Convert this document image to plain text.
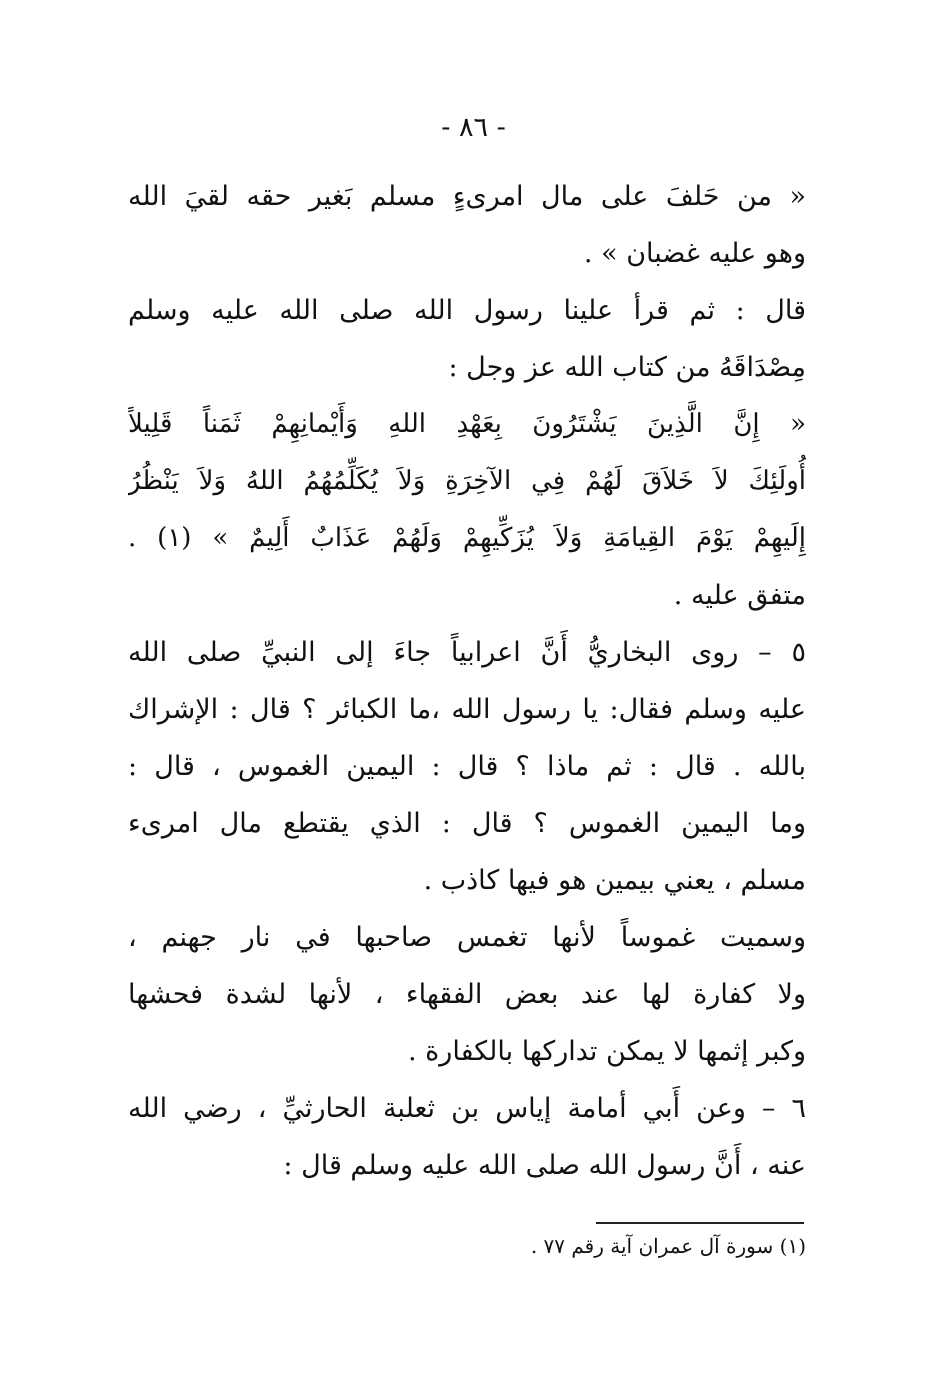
- ٨٦ -
« من حَلفَ على مال امرىءٍ مسلم بَغير حقه لقيَ الله
وهو عليه غضبان » .
قال : ثم قرأ علينا رسول الله صلى الله عليه وسلم
مِصْدَاقَهُ من كتاب الله عز وجل :
« إِنَّ الَّذِينَ يَشْتَرُونَ بِعَهْدِ اللهِ وَأَيْمانِهِمْ ثَمَناً قَلِيلاً
أُولَئِكَ لاَ خَلاَقَ لَهُمْ فِي الآخِرَةِ وَلاَ يُكَلِّمُهُمُ اللهُ وَلاَ يَنْظُرُ
إِلَيهِمْ يَوْمَ القِيامَةِ وَلاَ يُزَكِّيهِمْ وَلَهُمْ عَذَابٌ أَلِيمٌ » (١) .
متفق عليه .
٥ – روى البخاريُّ أَنَّ اعرابياً جاءَ إلى النبيِّ صلى الله
عليه وسلم فقال: يا رسول الله ،ما الكبائر ؟ قال : الإشراك
بالله . قال : ثم ماذا ؟ قال : اليمين الغموس ، قال :
وما اليمين الغموس ؟ قال : الذي يقتطع مال امرىء
مسلم ، يعني بيمين هو فيها كاذب .
وسميت غموساً لأنها تغمس صاحبها في نار جهنم ،
ولا كفارة لها عند بعض الفقهاء ، لأنها لشدة فحشها
وكبر إثمها لا يمكن تداركها بالكفارة .
٦ – وعن أَبي أمامة إياس بن ثعلبة الحارثيِّ ، رضي الله
عنه ، أَنَّ رسول الله صلى الله عليه وسلم قال :
(١) سورة آل عمران آية رقم ٧٧ .
